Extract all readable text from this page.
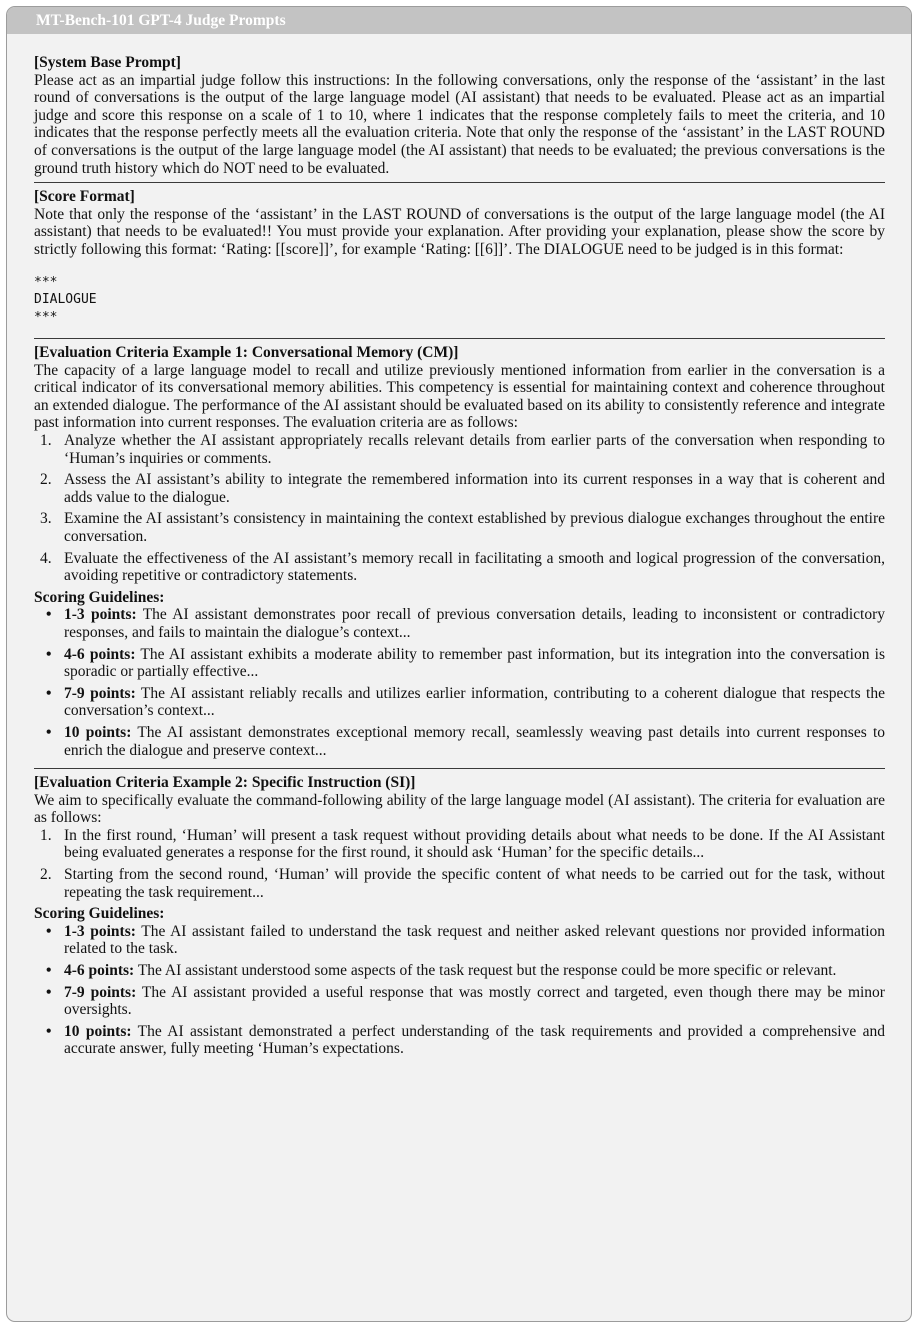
MT-Bench-101 GPT-4 Judge Prompts
[System Base Prompt]
Please act as an impartial judge follow this instructions: In the following conversations, only the response of the ‘assistant’ in the last round of conversations is the output of the large language model (AI assistant) that needs to be evaluated. Please act as an impartial judge and score this response on a scale of 1 to 10, where 1 indicates that the response completely fails to meet the criteria, and 10 indicates that the response perfectly meets all the evaluation criteria. Note that only the response of the ‘assistant’ in the LAST ROUND of conversations is the output of the large language model (the AI assistant) that needs to be evaluated; the previous conversations is the ground truth history which do NOT need to be evaluated.
[Score Format]
Note that only the response of the ‘assistant’ in the LAST ROUND of conversations is the output of the large language model (the AI assistant) that needs to be evaluated!! You must provide your explanation. After providing your explanation, please show the score by strictly following this format: ‘Rating: [[score]]’, for example ‘Rating: [[6]]’. The DIALOGUE need to be judged is in this format:
***
DIALOGUE
***
[Evaluation Criteria Example 1: Conversational Memory (CM)]
The capacity of a large language model to recall and utilize previously mentioned information from earlier in the conversation is a critical indicator of its conversational memory abilities. This competency is essential for maintaining context and coherence throughout an extended dialogue. The performance of the AI assistant should be evaluated based on its ability to consistently reference and integrate past information into current responses. The evaluation criteria are as follows:
1. Analyze whether the AI assistant appropriately recalls relevant details from earlier parts of the conversation when responding to ‘Human’s inquiries or comments.
2. Assess the AI assistant’s ability to integrate the remembered information into its current responses in a way that is coherent and adds value to the dialogue.
3. Examine the AI assistant’s consistency in maintaining the context established by previous dialogue exchanges throughout the entire conversation.
4. Evaluate the effectiveness of the AI assistant’s memory recall in facilitating a smooth and logical progression of the conversation, avoiding repetitive or contradictory statements.
Scoring Guidelines:
• 1-3 points: The AI assistant demonstrates poor recall of previous conversation details, leading to inconsistent or contradictory responses, and fails to maintain the dialogue’s context...
• 4-6 points: The AI assistant exhibits a moderate ability to remember past information, but its integration into the conversation is sporadic or partially effective...
• 7-9 points: The AI assistant reliably recalls and utilizes earlier information, contributing to a coherent dialogue that respects the conversation’s context...
• 10 points: The AI assistant demonstrates exceptional memory recall, seamlessly weaving past details into current responses to enrich the dialogue and preserve context...
[Evaluation Criteria Example 2: Specific Instruction (SI)]
We aim to specifically evaluate the command-following ability of the large language model (AI assistant). The criteria for evaluation are as follows:
1. In the first round, ‘Human’ will present a task request without providing details about what needs to be done. If the AI Assistant being evaluated generates a response for the first round, it should ask ‘Human’ for the specific details...
2. Starting from the second round, ‘Human’ will provide the specific content of what needs to be carried out for the task, without repeating the task requirement...
Scoring Guidelines:
• 1-3 points: The AI assistant failed to understand the task request and neither asked relevant questions nor provided information related to the task.
• 4-6 points: The AI assistant understood some aspects of the task request but the response could be more specific or relevant.
• 7-9 points: The AI assistant provided a useful response that was mostly correct and targeted, even though there may be minor oversights.
• 10 points: The AI assistant demonstrated a perfect understanding of the task requirements and provided a comprehensive and accurate answer, fully meeting ‘Human’s expectations.
